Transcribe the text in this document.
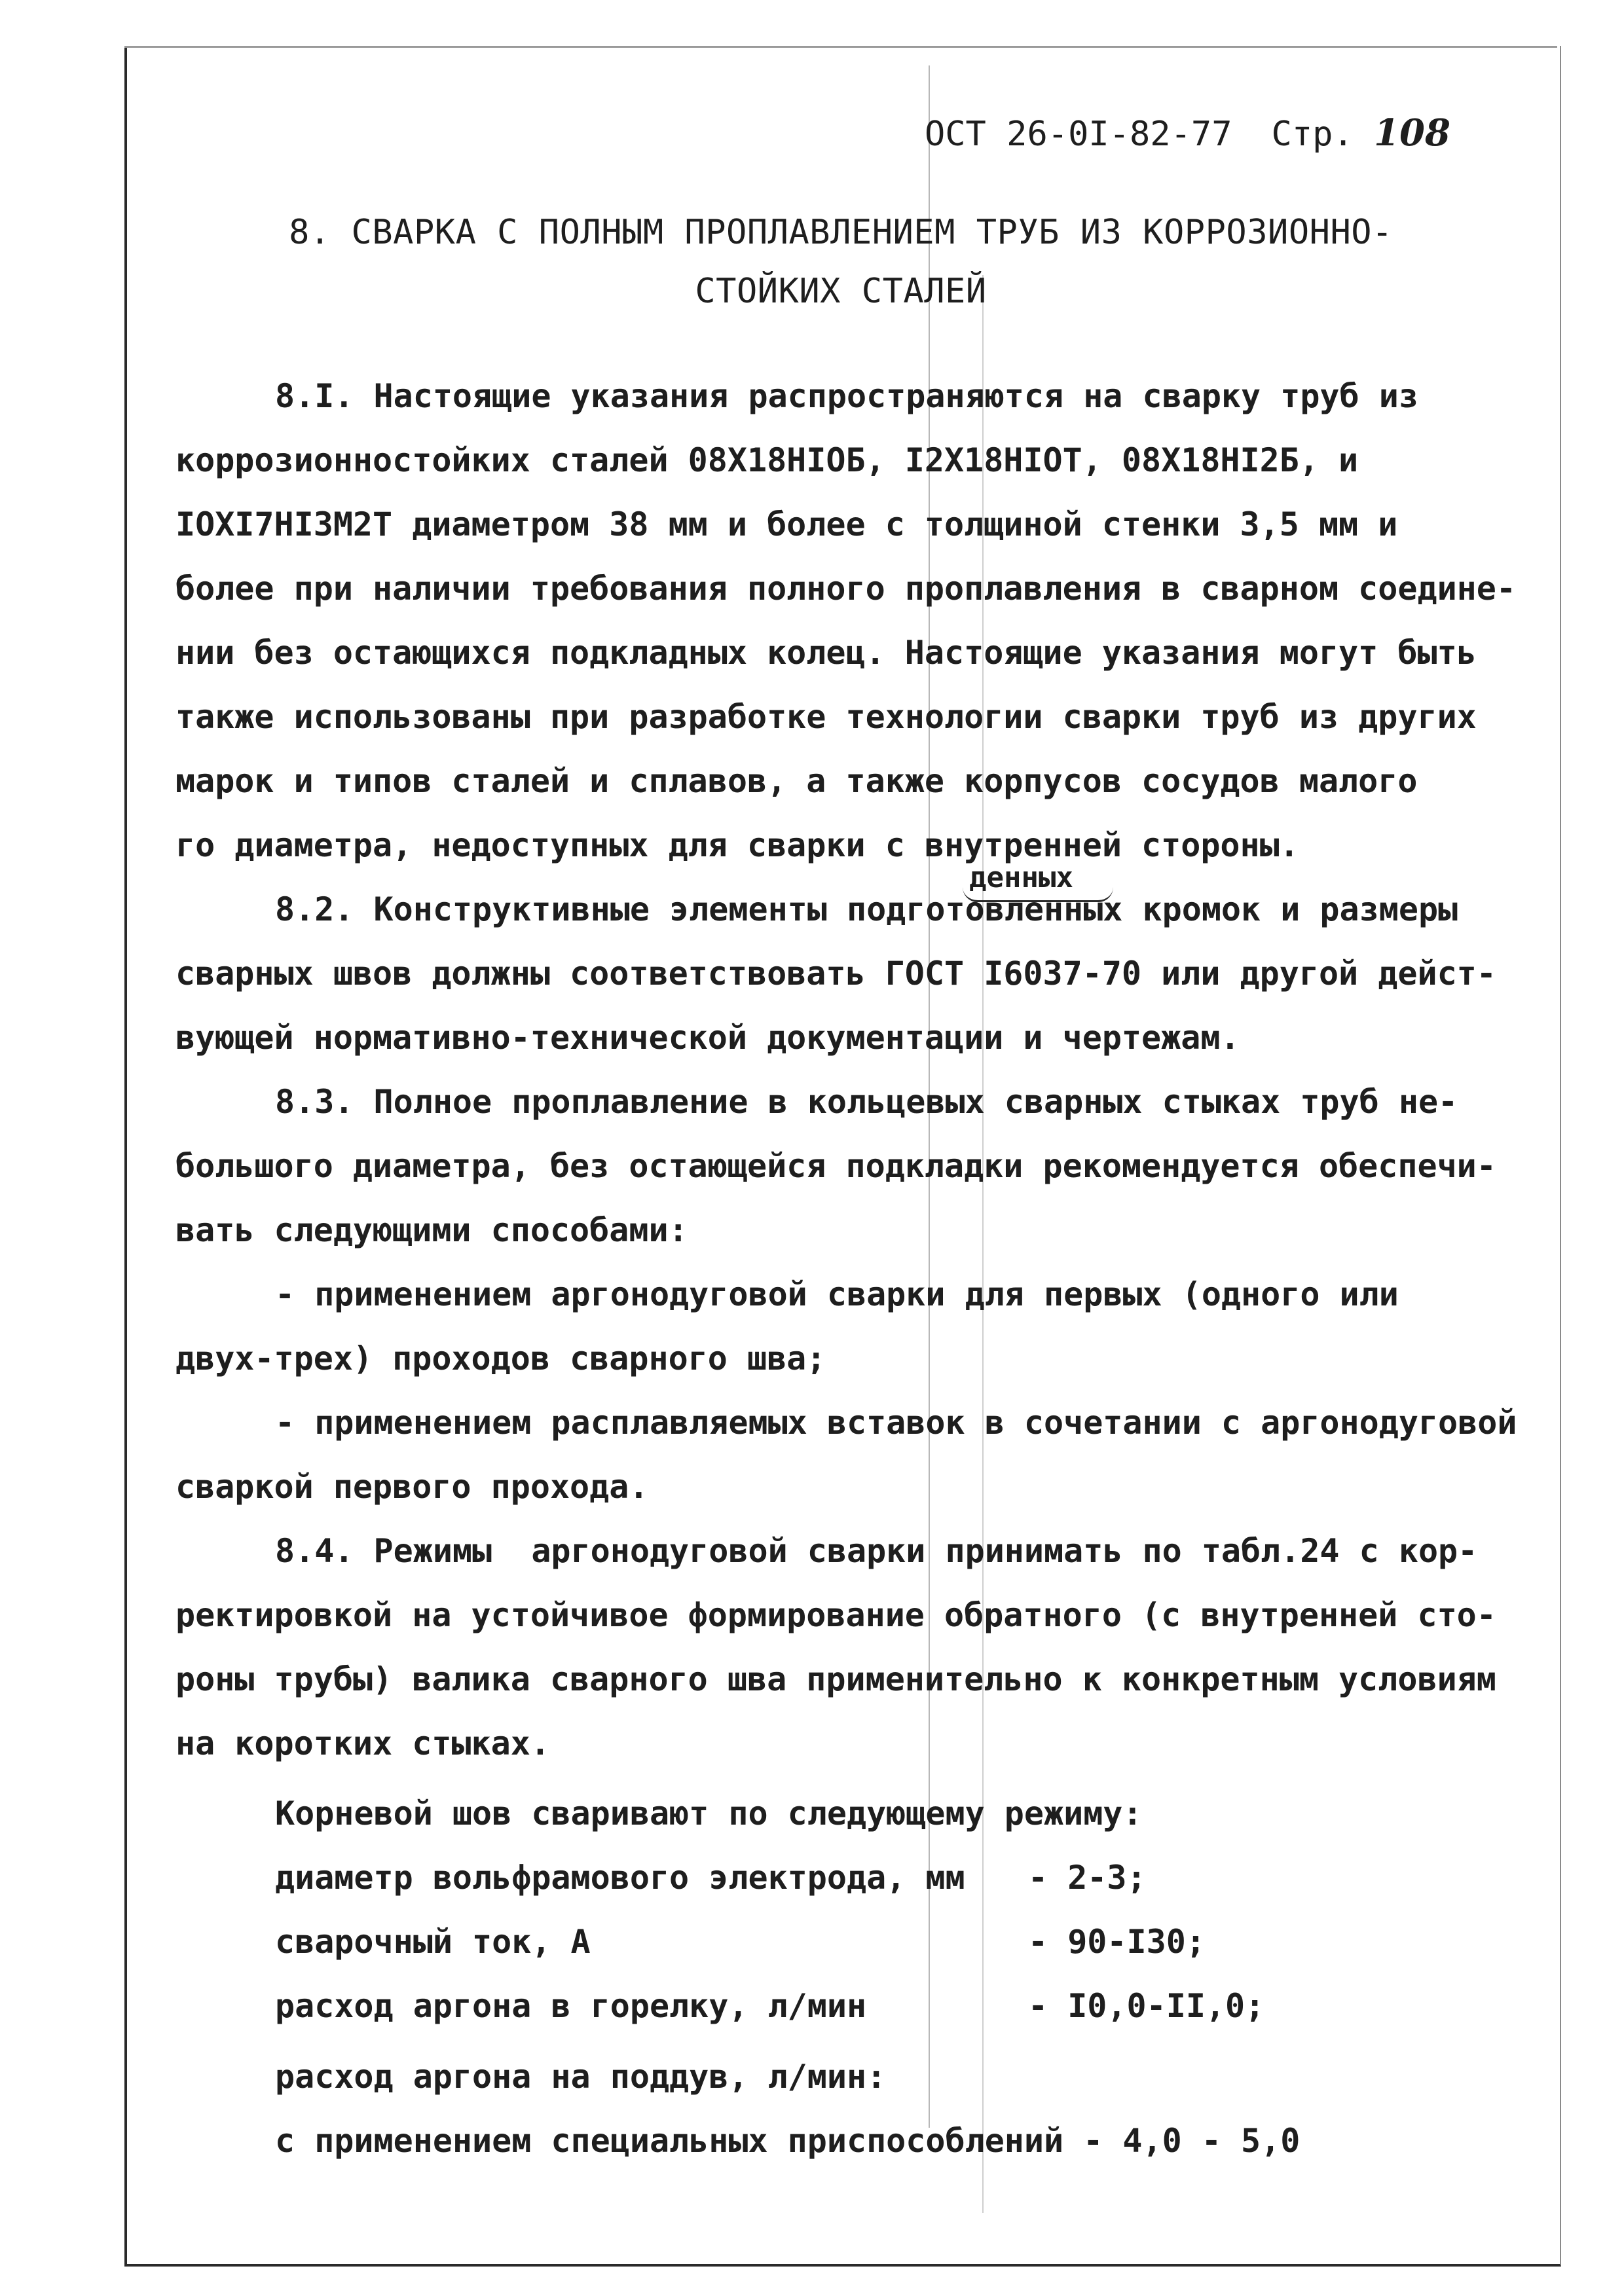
ОСТ 26-0I-82-77 Стр. 108
8. СВАРКА С ПОЛНЫМ ПРОПЛАВЛЕНИЕМ ТРУБ ИЗ КОРРОЗИОННО-
СТОЙКИХ СТАЛЕЙ
денных
8.I. Настоящие указания распространяются на сварку труб из
коррозионностойких сталей 08Х18НIОБ, I2Х18НIОТ, 08Х18НI2Б, и
IOXI7HI3M2T диаметром 38 мм и более с толщиной стенки 3,5 мм и
более при наличии требования полного проплавления в сварном соедине-
нии без остающихся подкладных колец. Настоящие указания могут быть
также использованы при разработке технологии сварки труб из других
марок и типов сталей и сплавов, а также корпусов сосудов малого
го диаметра, недоступных для сварки с внутренней стороны.
8.2. Конструктивные элементы подготовленных кромок и размеры
сварных швов должны соответствовать ГОСТ I6037-70 или другой дейст-
вующей нормативно-технической документации и чертежам.
8.3. Полное проплавление в кольцевых сварных стыках труб не-
большого диаметра, без остающейся подкладки рекомендуется обеспечи-
вать следующими способами:
- применением аргонодуговой сварки для первых (одного или
двух-трех) проходов сварного шва;
- применением расплавляемых вставок в сочетании с аргонодуговой
сваркой первого прохода.
8.4. Режимы  аргонодуговой сварки принимать по табл.24 с кор-
ректировкой на устойчивое формирование обратного (с внутренней сто-
роны трубы) валика сварного шва применительно к конкретным условиям
на коротких стыках.
Корневой шов сваривают по следующему режиму:
диаметр вольфрамового электрода, мм
сварочный ток, А
расход аргона в горелку, л/мин
расход аргона на поддув, л/мин:
с применением специальных приспособлений - 4,0 - 5,0
- 2-3;
- 90-I30;
- I0,0-II,0;
